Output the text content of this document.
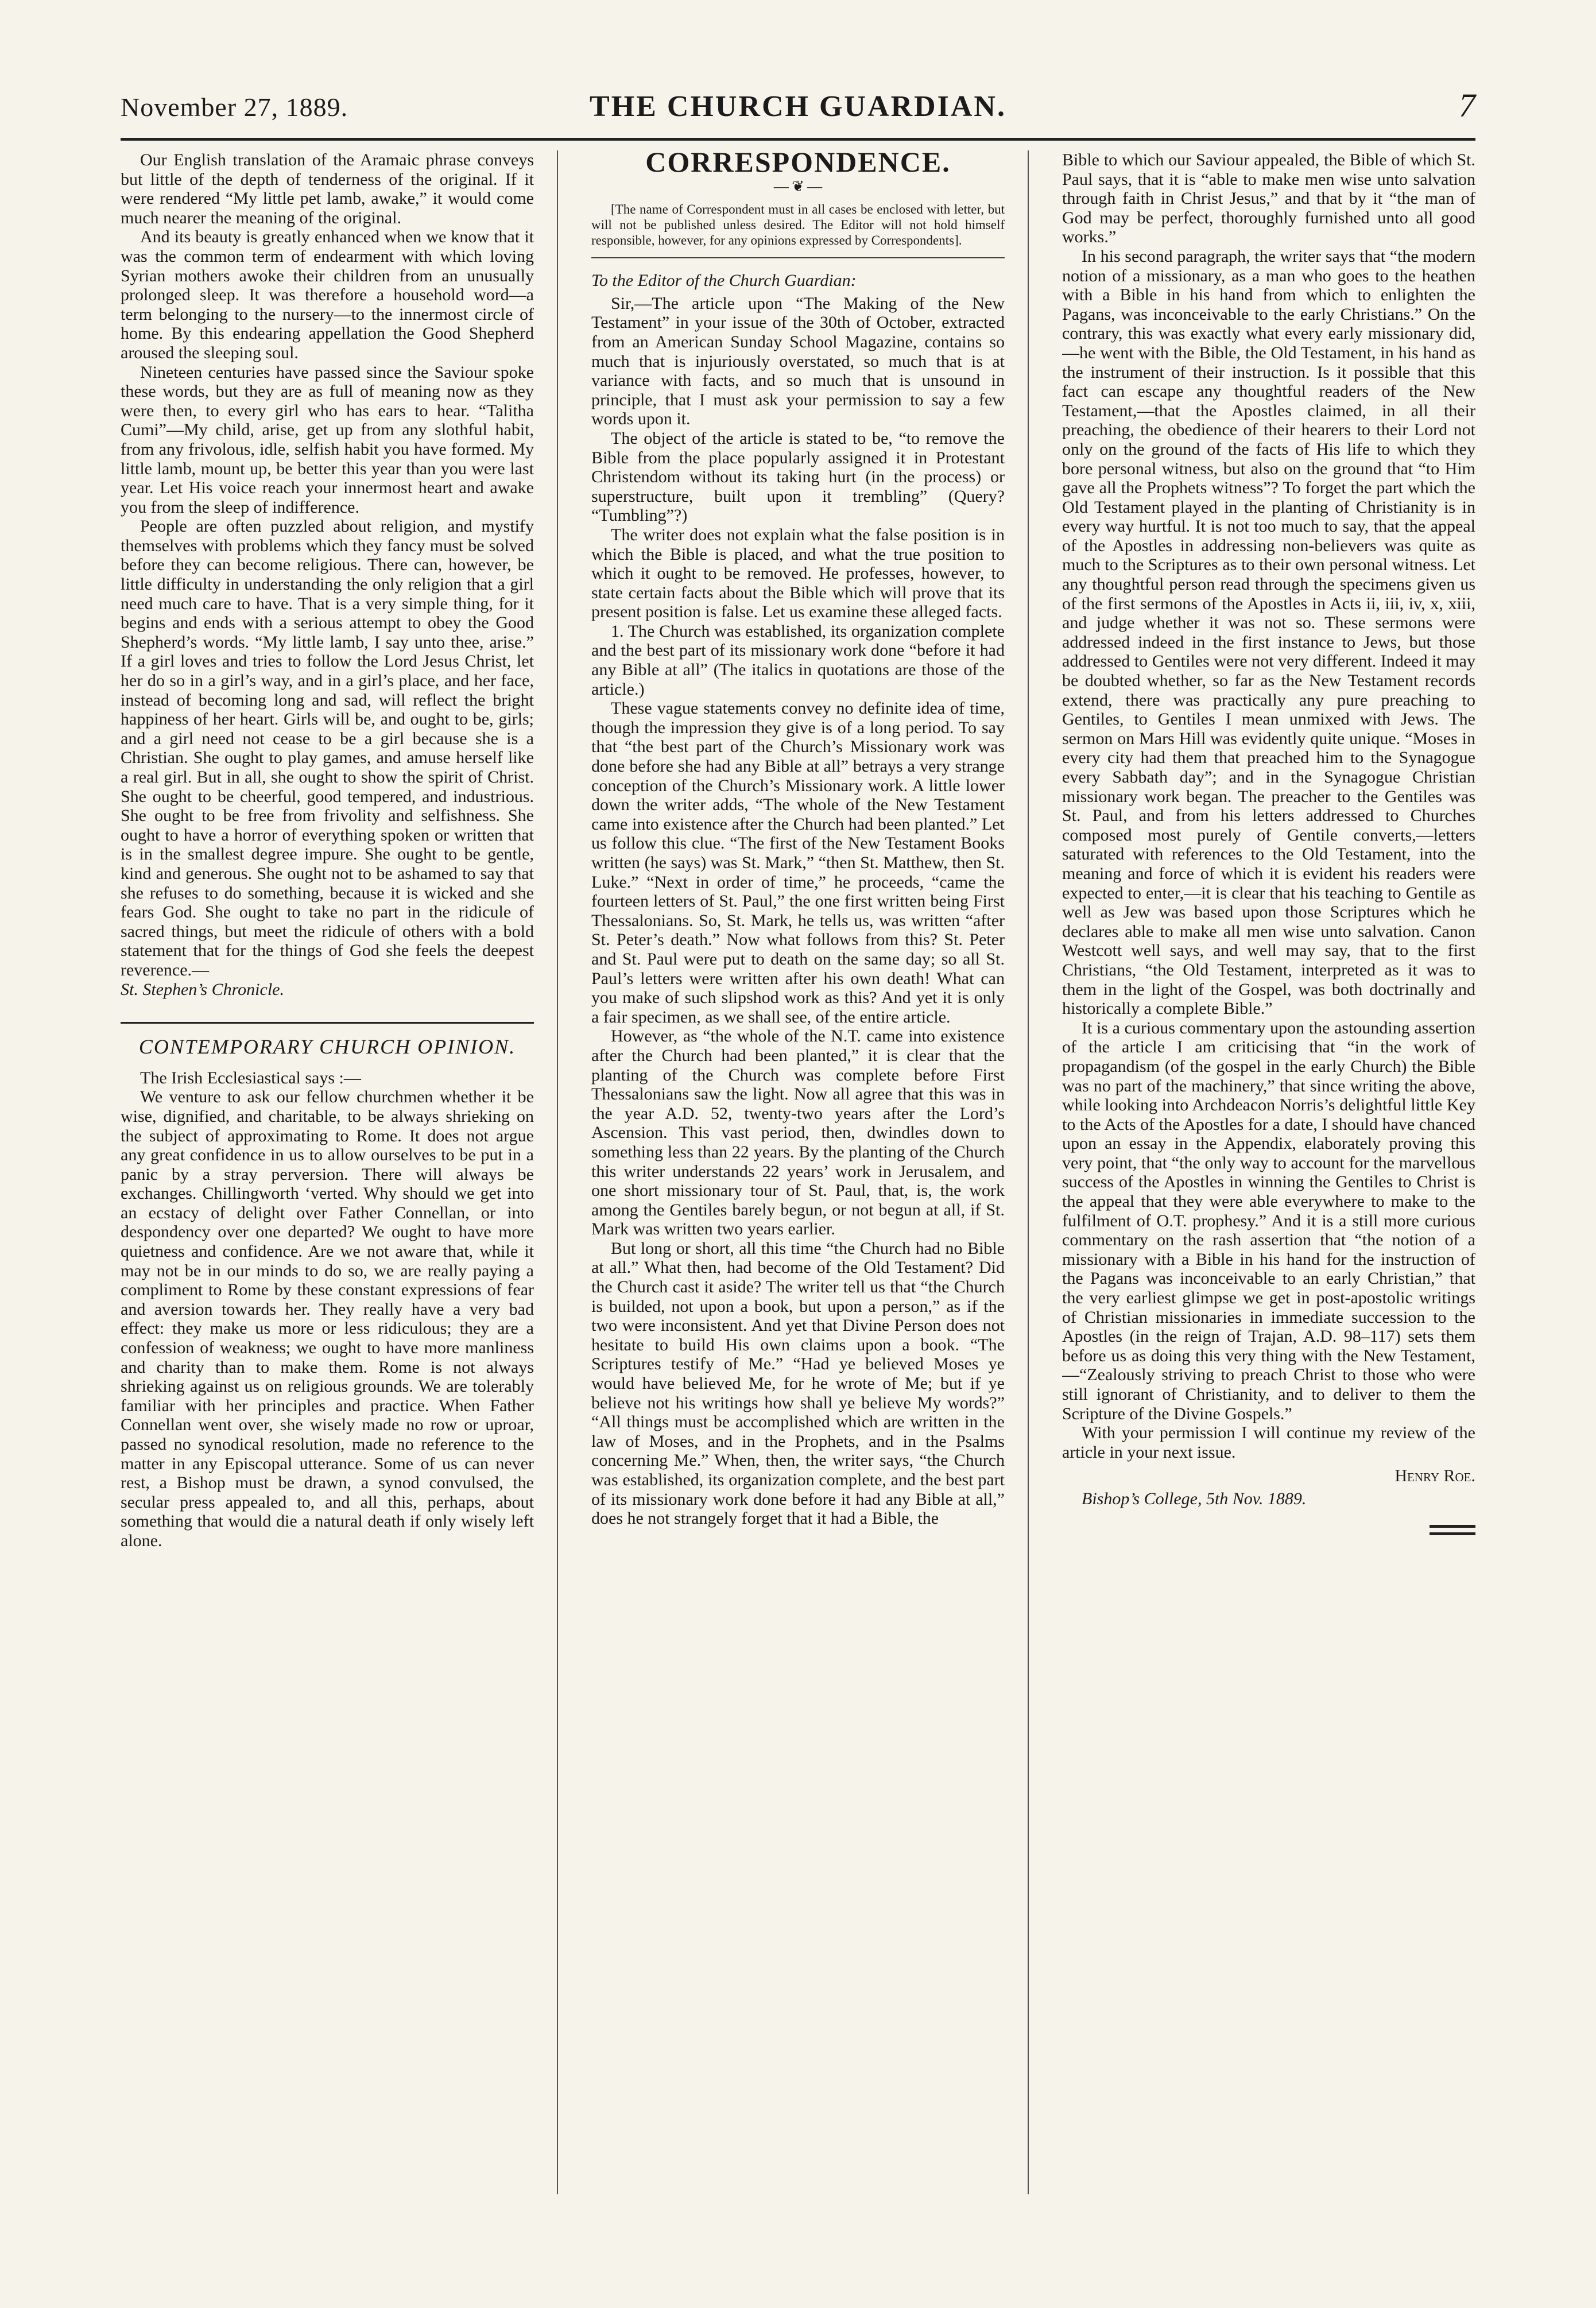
November 27, 1889.	THE CHURCH GUARDIAN.	7

Our English translation of the Aramaic phrase conveys but little of the depth of tenderness of the original. If it were rendered “My little pet lamb, awake,” it would come much nearer the meaning of the original.

And its beauty is greatly enhanced when we know that it was the common term of endearment with which loving Syrian mothers awoke their children from an unusually prolonged sleep. It was therefore a household word—a term belonging to the nursery—to the innermost circle of home. By this endearing appellation the Good Shepherd aroused the sleeping soul.

Nineteen centuries have passed since the Saviour spoke these words, but they are as full of meaning now as they were then, to every girl who has ears to hear. “Talitha Cumi”—My child, arise, get up from any slothful habit, from any frivolous, idle, selfish habit you have formed. My little lamb, mount up, be better this year than you were last year. Let His voice reach your innermost heart and awake you from the sleep of indifference.

People are often puzzled about religion, and mystify themselves with problems which they fancy must be solved before they can become religious. There can, however, be little difficulty in understanding the only religion that a girl need much care to have. That is a very simple thing, for it begins and ends with a serious attempt to obey the Good Shepherd’s words. “My little lamb, I say unto thee, arise.” If a girl loves and tries to follow the Lord Jesus Christ, let her do so in a girl’s way, and in a girl’s place, and her face, instead of becoming long and sad, will reflect the bright happiness of her heart. Girls will be, and ought to be, girls; and a girl need not cease to be a girl because she is a Christian. She ought to play games, and amuse herself like a real girl. But in all, she ought to show the spirit of Christ. She ought to be cheerful, good tempered, and industrious. She ought to be free from frivolity and selfishness. She ought to have a horror of everything spoken or written that is in the smallest degree impure. She ought to be gentle, kind and generous. She ought not to be ashamed to say that she refuses to do something, because it is wicked and she fears God. She ought to take no part in the ridicule of sacred things, but meet the ridicule of others with a bold statement that for the things of God she feels the deepest reverence.—

St. Stephen’s Chronicle.

CONTEMPORARY CHURCH OPINION.

The Irish Ecclesiastical says :—

We venture to ask our fellow churchmen whether it be wise, dignified, and charitable, to be always shrieking on the subject of approximating to Rome. It does not argue any great confidence in us to allow ourselves to be put in a panic by a stray perversion. There will always be exchanges. Chillingworth ‘verted. Why should we get into an ecstacy of delight over Father Connellan, or into despondency over one departed? We ought to have more quietness and confidence. Are we not aware that, while it may not be in our minds to do so, we are really paying a compliment to Rome by these constant expressions of fear and aversion towards her. They really have a very bad effect: they make us more or less ridiculous; they are a confession of weakness; we ought to have more manliness and charity than to make them. Rome is not always shrieking against us on religious grounds. We are tolerably familiar with her principles and practice. When Father Connellan went over, she wisely made no row or uproar, passed no synodical resolution, made no reference to the matter in any Episcopal utterance. Some of us can never rest, a Bishop must be drawn, a synod convulsed, the secular press appealed to, and all this, perhaps, about something that would die a natural death if only wisely left alone.

CORRESPONDENCE.
— ❦ —

[The name of Correspondent must in all cases be enclosed with letter, but will not be published unless desired. The Editor will not hold himself responsible, however, for any opinions expressed by Correspondents].

To the Editor of the Church Guardian:

Sir,—The article upon “The Making of the New Testament” in your issue of the 30th of October, extracted from an American Sunday School Magazine, contains so much that is injuriously overstated, so much that is at variance with facts, and so much that is unsound in principle, that I must ask your permission to say a few words upon it.

The object of the article is stated to be, “to remove the Bible from the place popularly assigned it in Protestant Christendom without its taking hurt (in the process) or superstructure, built upon it trembling” (Query? “Tumbling”?)

The writer does not explain what the false position is in which the Bible is placed, and what the true position to which it ought to be removed. He professes, however, to state certain facts about the Bible which will prove that its present position is false. Let us examine these alleged facts.

1. The Church was established, its organization complete and the best part of its missionary work done “before it had any Bible at all” (The italics in quotations are those of the article.)

These vague statements convey no definite idea of time, though the impression they give is of a long period. To say that “the best part of the Church’s Missionary work was done before she had any Bible at all” betrays a very strange conception of the Church’s Missionary work. A little lower down the writer adds, “The whole of the New Testament came into existence after the Church had been planted.” Let us follow this clue. “The first of the New Testament Books written (he says) was St. Mark,” “then St. Matthew, then St. Luke.” “Next in order of time,” he proceeds, “came the fourteen letters of St. Paul,” the one first written being First Thessalonians. So, St. Mark, he tells us, was written “after St. Peter’s death.” Now what follows from this? St. Peter and St. Paul were put to death on the same day; so all St. Paul’s letters were written after his own death! What can you make of such slipshod work as this? And yet it is only a fair specimen, as we shall see, of the entire article.

However, as “the whole of the N.T. came into existence after the Church had been planted,” it is clear that the planting of the Church was complete before First Thessalonians saw the light. Now all agree that this was in the year A.D. 52, twenty-two years after the Lord’s Ascension. This vast period, then, dwindles down to something less than 22 years. By the planting of the Church this writer understands 22 years’ work in Jerusalem, and one short missionary tour of St. Paul, that, is, the work among the Gentiles barely begun, or not begun at all, if St. Mark was written two years earlier.

But long or short, all this time “the Church had no Bible at all.” What then, had become of the Old Testament? Did the Church cast it aside? The writer tell us that “the Church is builded, not upon a book, but upon a person,” as if the two were inconsistent. And yet that Divine Person does not hesitate to build His own claims upon a book. “The Scriptures testify of Me.” “Had ye believed Moses ye would have believed Me, for he wrote of Me; but if ye believe not his writings how shall ye believe My words?” “All things must be accomplished which are written in the law of Moses, and in the Prophets, and in the Psalms concerning Me.” When, then, the writer says, “the Church was established, its organization complete, and the best part of its missionary work done before it had any Bible at all,” does he not strangely forget that it had a Bible, the

Bible to which our Saviour appealed, the Bible of which St. Paul says, that it is “able to make men wise unto salvation through faith in Christ Jesus,” and that by it “the man of God may be perfect, thoroughly furnished unto all good works.”

In his second paragraph, the writer says that “the modern notion of a missionary, as a man who goes to the heathen with a Bible in his hand from which to enlighten the Pagans, was inconceivable to the early Christians.” On the contrary, this was exactly what every early missionary did,—he went with the Bible, the Old Testament, in his hand as the instrument of their instruction. Is it possible that this fact can escape any thoughtful readers of the New Testament,—that the Apostles claimed, in all their preaching, the obedience of their hearers to their Lord not only on the ground of the facts of His life to which they bore personal witness, but also on the ground that “to Him gave all the Prophets witness”? To forget the part which the Old Testament played in the planting of Christianity is in every way hurtful. It is not too much to say, that the appeal of the Apostles in addressing non-believers was quite as much to the Scriptures as to their own personal witness. Let any thoughtful person read through the specimens given us of the first sermons of the Apostles in Acts ii, iii, iv, x, xiii, and judge whether it was not so. These sermons were addressed indeed in the first instance to Jews, but those addressed to Gentiles were not very different. Indeed it may be doubted whether, so far as the New Testament records extend, there was practically any pure preaching to Gentiles, to Gentiles I mean unmixed with Jews. The sermon on Mars Hill was evidently quite unique. “Moses in every city had them that preached him to the Synagogue every Sabbath day”; and in the Synagogue Christian missionary work began. The preacher to the Gentiles was St. Paul, and from his letters addressed to Churches composed most purely of Gentile converts,—letters saturated with references to the Old Testament, into the meaning and force of which it is evident his readers were expected to enter,—it is clear that his teaching to Gentile as well as Jew was based upon those Scriptures which he declares able to make all men wise unto salvation. Canon Westcott well says, and well may say, that to the first Christians, “the Old Testament, interpreted as it was to them in the light of the Gospel, was both doctrinally and historically a complete Bible.”

It is a curious commentary upon the astounding assertion of the article I am criticising that “in the work of propagandism (of the gospel in the early Church) the Bible was no part of the machinery,” that since writing the above, while looking into Archdeacon Norris’s delightful little Key to the Acts of the Apostles for a date, I should have chanced upon an essay in the Appendix, elaborately proving this very point, that “the only way to account for the marvellous success of the Apostles in winning the Gentiles to Christ is the appeal that they were able everywhere to make to the fulfilment of O.T. prophesy.” And it is a still more curious commentary on the rash assertion that “the notion of a missionary with a Bible in his hand for the instruction of the Pagans was inconceivable to an early Christian,” that the very earliest glimpse we get in post-apostolic writings of Christian missionaries in immediate succession to the Apostles (in the reign of Trajan, A.D. 98–117) sets them before us as doing this very thing with the New Testament, —“Zealously striving to preach Christ to those who were still ignorant of Christianity, and to deliver to them the Scripture of the Divine Gospels.”

With your permission I will continue my review of the article in your next issue.

Henry Roe.
Bishop’s College, 5th Nov. 1889.
